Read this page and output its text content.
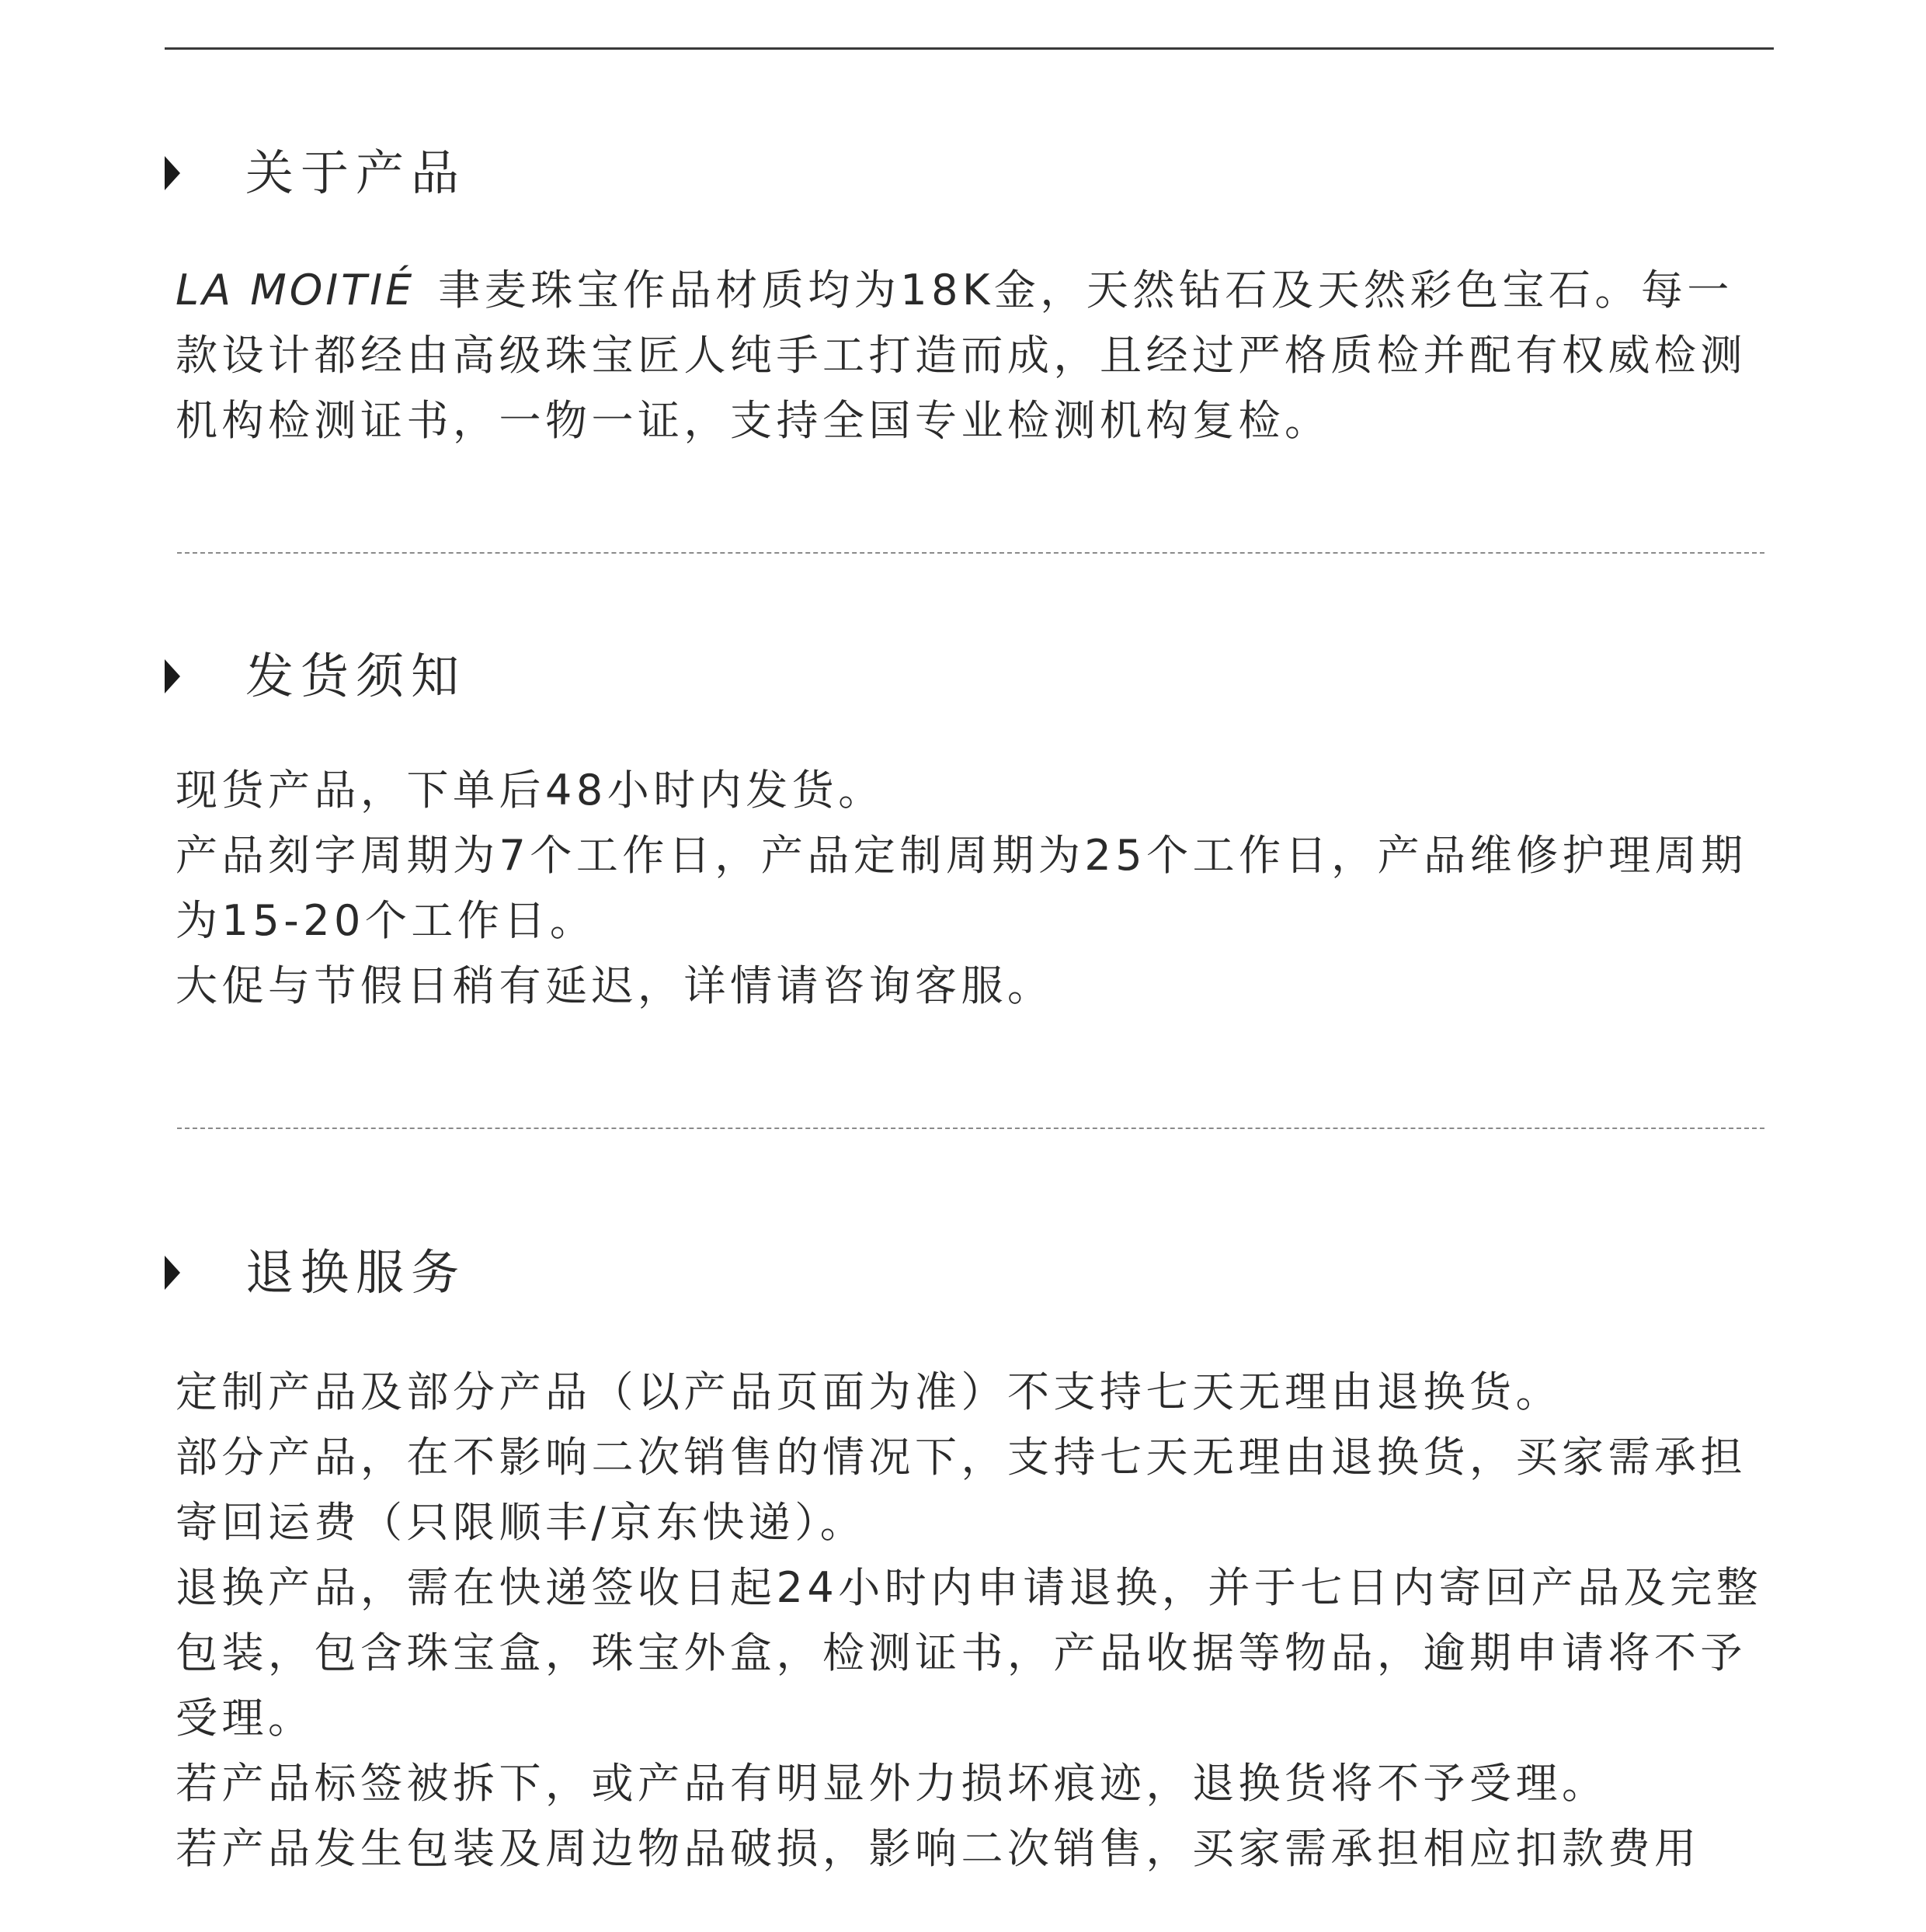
关于产品

LA MOITIÉ 聿麦珠宝作品材质均为18K金，天然钻石及天然彩色宝石。每一款设计都经由高级珠宝匠人纯手工打造而成，且经过严格质检并配有权威检测机构检测证书，一物一证，支持全国专业检测机构复检。

发货须知

现货产品，下单后48小时内发货。

产品刻字周期为7个工作日，产品定制周期为25个工作日，产品维修护理周期为15-20个工作日。

大促与节假日稍有延迟，详情请咨询客服。

退换服务

定制产品及部分产品（以产品页面为准）不支持七天无理由退换货。

部分产品，在不影响二次销售的情况下，支持七天无理由退换货，买家需承担寄回运费（只限顺丰/京东快递）。

退换产品，需在快递签收日起24小时内申请退换，并于七日内寄回产品及完整包装，包含珠宝盒，珠宝外盒，检测证书，产品收据等物品，逾期申请将不予受理。

若产品标签被拆下，或产品有明显外力损坏痕迹，退换货将不予受理。

若产品发生包装及周边物品破损，影响二次销售，买家需承担相应扣款费用
